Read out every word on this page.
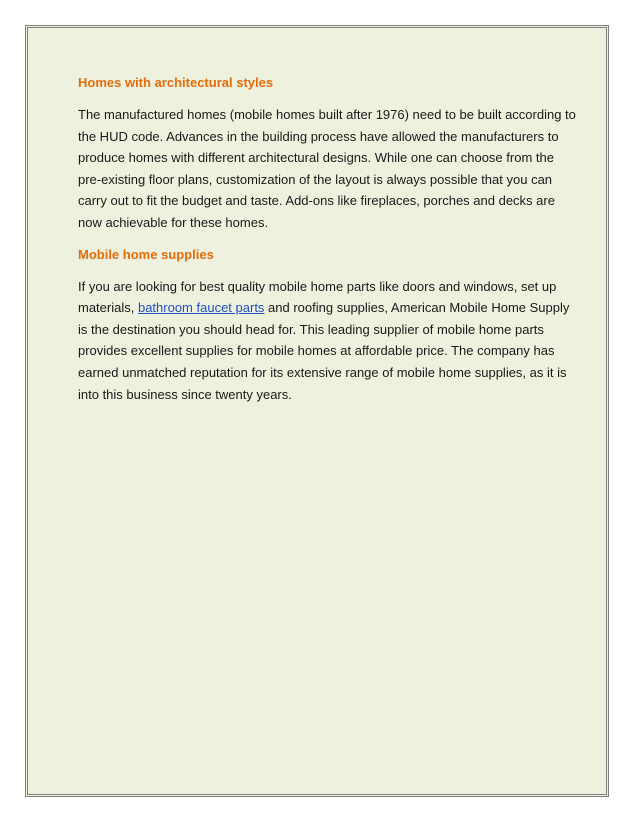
Homes with architectural styles

The manufactured homes (mobile homes built after 1976) need to be built according to the HUD code. Advances in the building process have allowed the manufacturers to produce homes with different architectural designs. While one can choose from the pre-existing floor plans, customization of the layout is always possible that you can carry out to fit the budget and taste. Add-ons like fireplaces, porches and decks are now achievable for these homes.

Mobile home supplies

If you are looking for best quality mobile home parts like doors and windows, set up materials, bathroom faucet parts and roofing supplies, American Mobile Home Supply is the destination you should head for. This leading supplier of mobile home parts provides excellent supplies for mobile homes at affordable price. The company has earned unmatched reputation for its extensive range of mobile home supplies, as it is into this business since twenty years.
